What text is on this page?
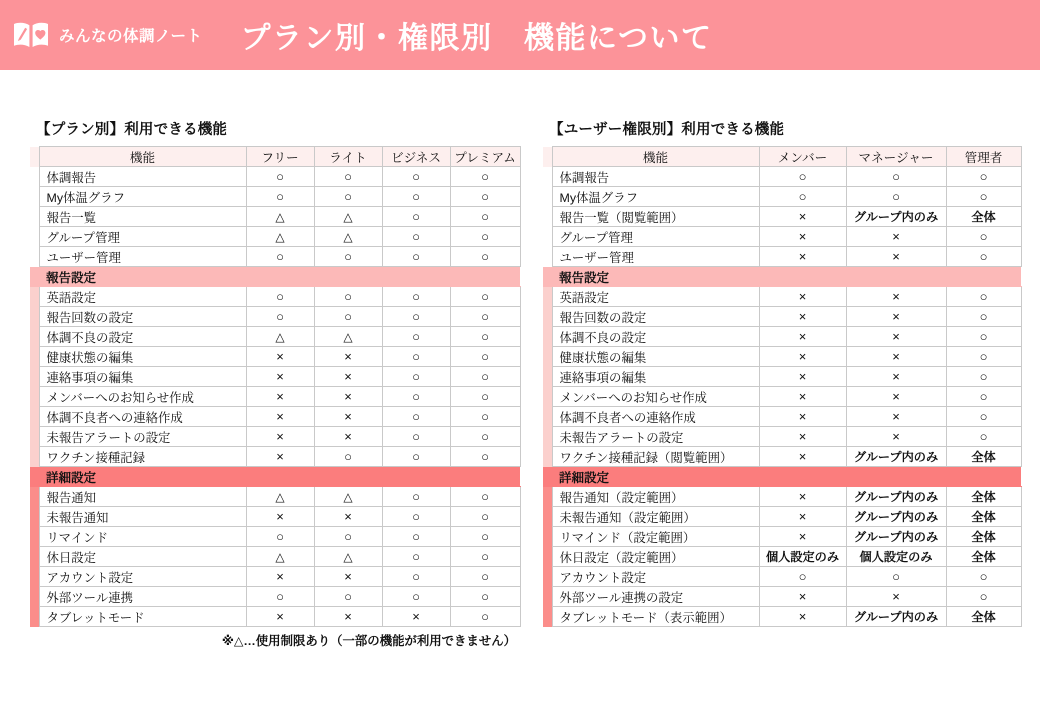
みんなの体調ノート プラン別・権限別　機能について
【プラン別】利用できる機能
	機能	フリー	ライト	ビジネス	プレミアム
	体調報告	○	○	○	○
	My体温グラフ	○	○	○	○
	報告一覧	△	△	○	○
	グループ管理	△	△	○	○
	ユーザー管理	○	○	○	○
	報告設定				
	英語設定	○	○	○	○
	報告回数の設定	○	○	○	○
	体調不良の設定	△	△	○	○
	健康状態の編集	×	×	○	○
	連絡事項の編集	×	×	○	○
	メンバーへのお知らせ作成	×	×	○	○
	体調不良者への連絡作成	×	×	○	○
	未報告アラートの設定	×	×	○	○
	ワクチン接種記録	×	○	○	○
	詳細設定				
	報告通知	△	△	○	○
	未報告通知	×	×	○	○
	リマインド	○	○	○	○
	休日設定	△	△	○	○
	アカウント設定	×	×	○	○
	外部ツール連携	○	○	○	○
	タブレットモード	×	×	×	○
※△…使用制限あり（一部の機能が利用できません）
【ユーザー権限別】利用できる機能
	機能	メンバー	マネージャー	管理者
	体調報告	○	○	○
	My体温グラフ	○	○	○
	報告一覧（閲覧範囲）	×	グループ内のみ	全体
	グループ管理	×	×	○
	ユーザー管理	×	×	○
	報告設定			
	英語設定	×	×	○
	報告回数の設定	×	×	○
	体調不良の設定	×	×	○
	健康状態の編集	×	×	○
	連絡事項の編集	×	×	○
	メンバーへのお知らせ作成	×	×	○
	体調不良者への連絡作成	×	×	○
	未報告アラートの設定	×	×	○
	ワクチン接種記録（閲覧範囲）	×	グループ内のみ	全体
	詳細設定			
	報告通知（設定範囲）	×	グループ内のみ	全体
	未報告通知（設定範囲）	×	グループ内のみ	全体
	リマインド（設定範囲）	×	グループ内のみ	全体
	休日設定（設定範囲）	個人設定のみ	個人設定のみ	全体
	アカウント設定	○	○	○
	外部ツール連携の設定	×	×	○
	タブレットモード（表示範囲）	×	グループ内のみ	全体
